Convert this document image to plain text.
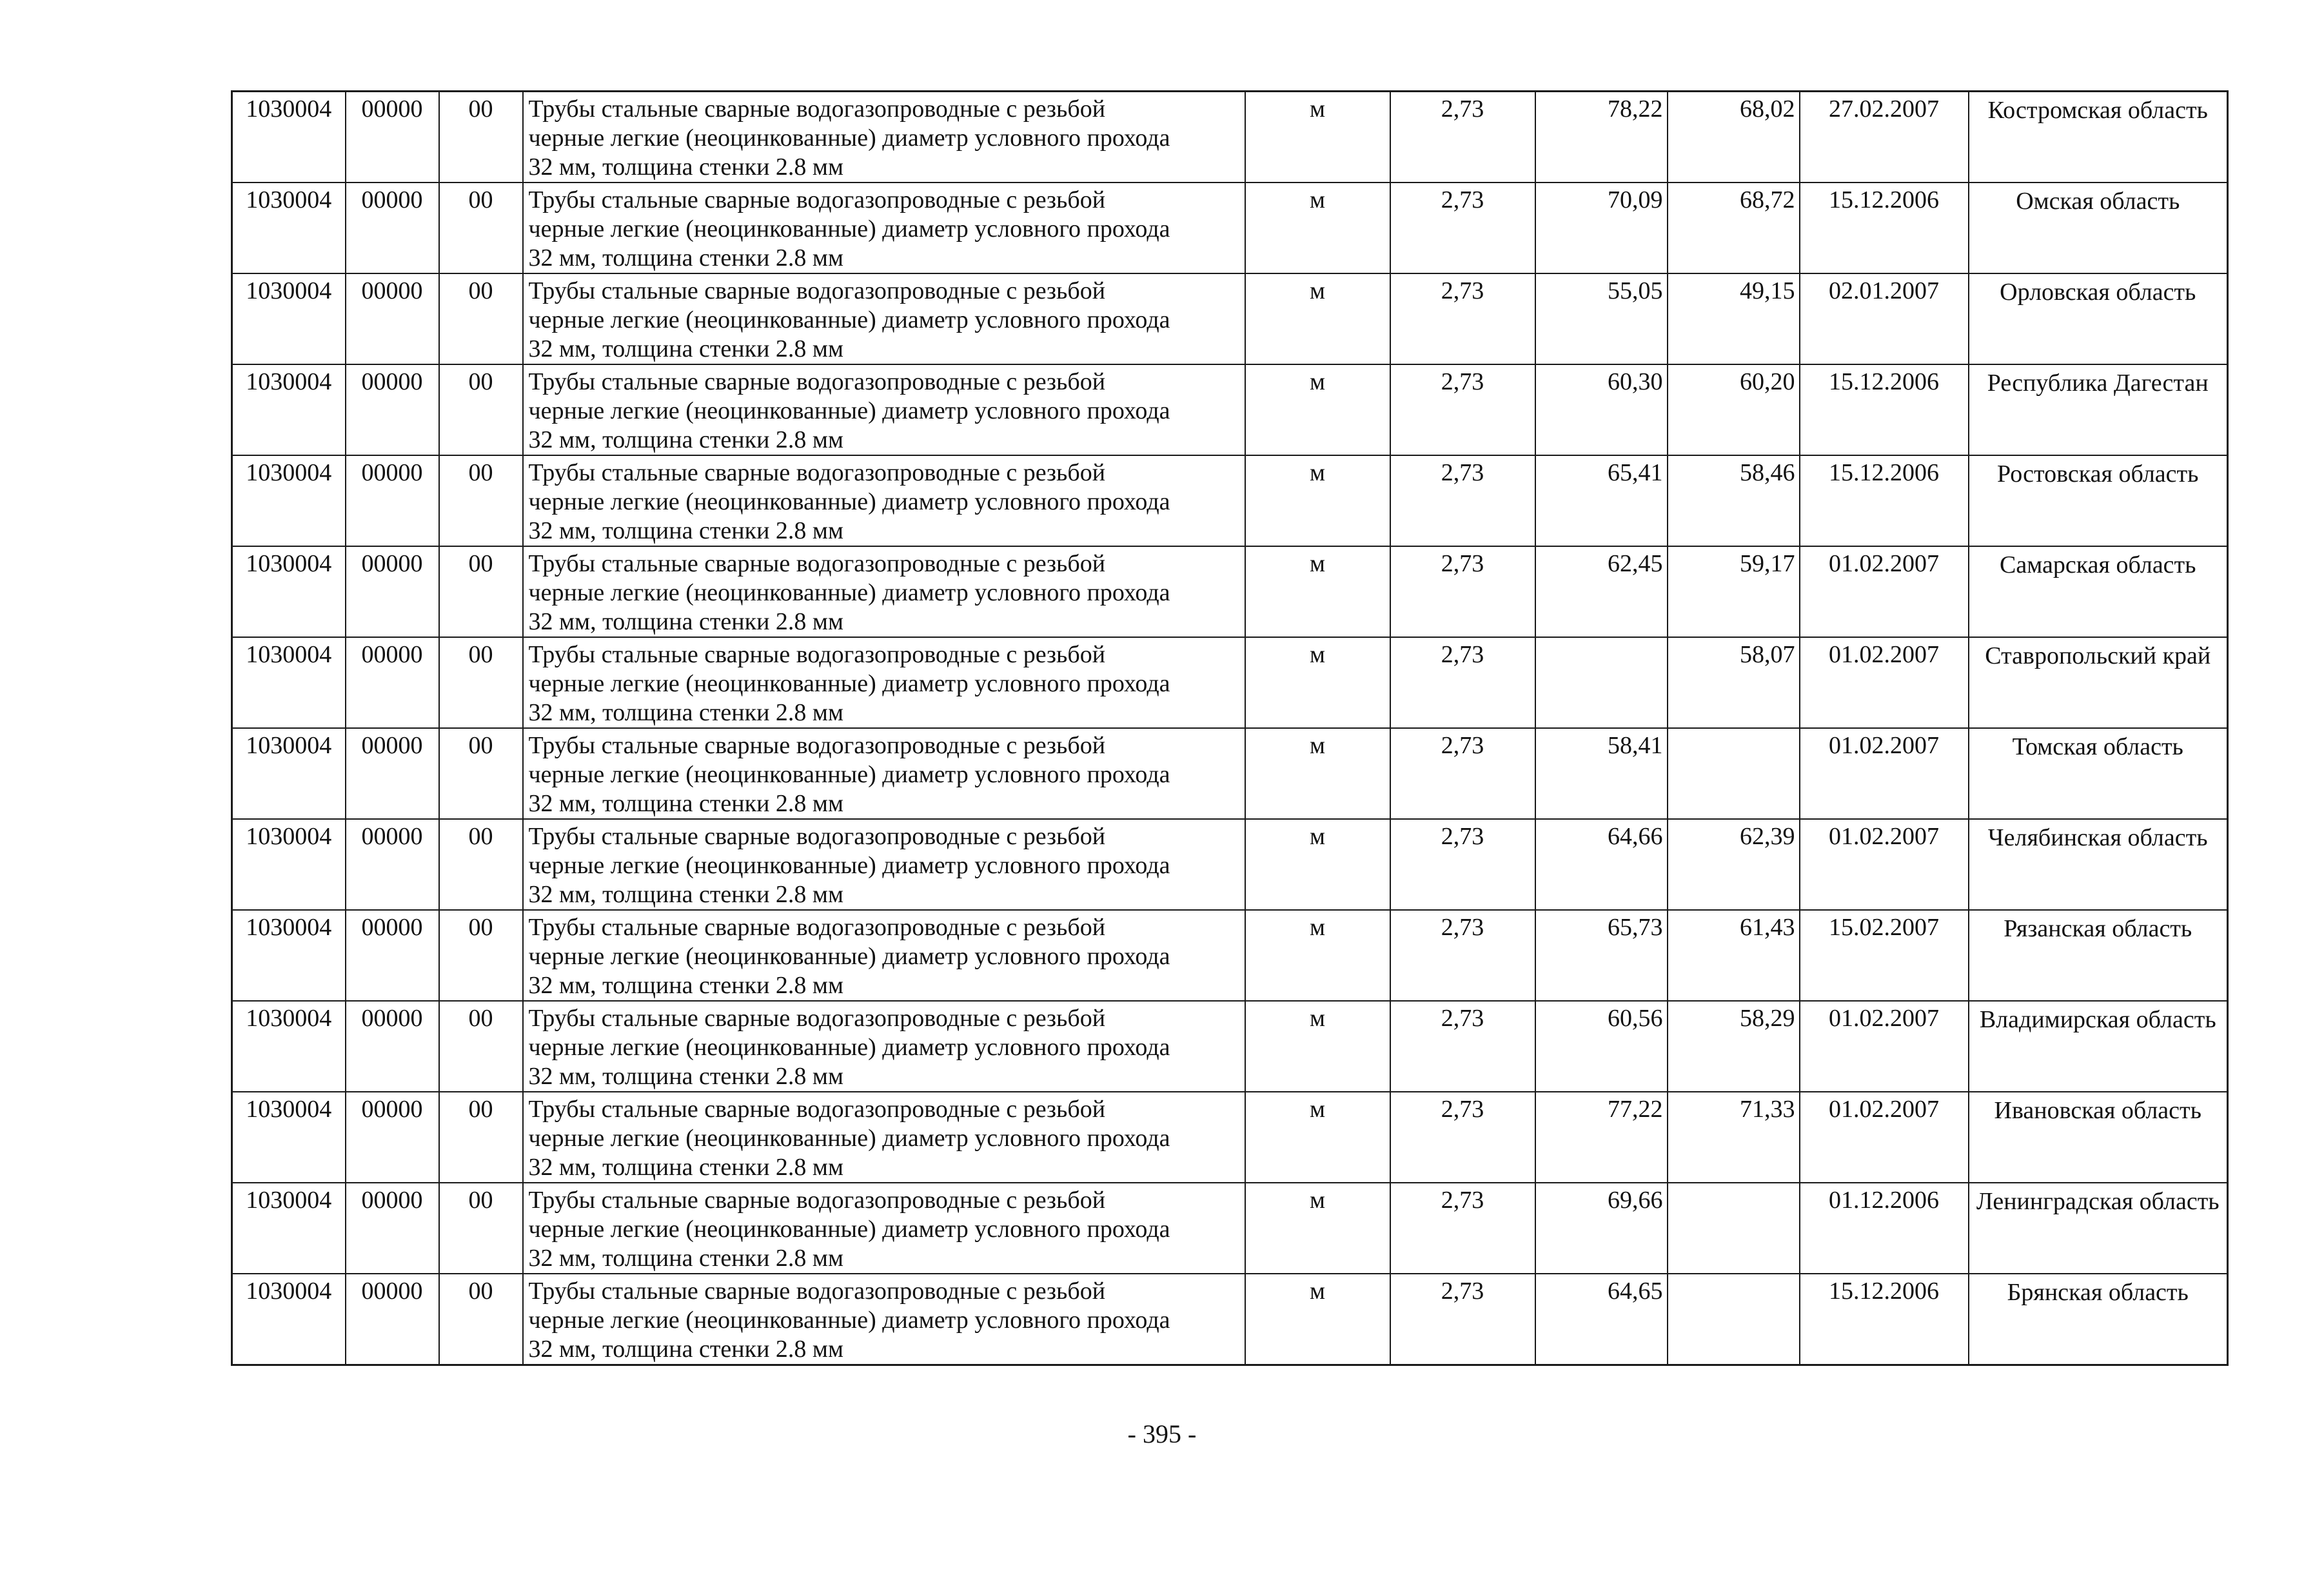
1030004	00000	00	Трубы стальные сварные водогазопроводные с резьбой
черные легкие (неоцинкованные) диаметр условного прохода
32 мм, толщина стенки 2.8 мм	м	2,73	78,22	68,02	27.02.2007	Костромская область
1030004	00000	00	Трубы стальные сварные водогазопроводные с резьбой
черные легкие (неоцинкованные) диаметр условного прохода
32 мм, толщина стенки 2.8 мм	м	2,73	70,09	68,72	15.12.2006	Омская область
1030004	00000	00	Трубы стальные сварные водогазопроводные с резьбой
черные легкие (неоцинкованные) диаметр условного прохода
32 мм, толщина стенки 2.8 мм	м	2,73	55,05	49,15	02.01.2007	Орловская область
1030004	00000	00	Трубы стальные сварные водогазопроводные с резьбой
черные легкие (неоцинкованные) диаметр условного прохода
32 мм, толщина стенки 2.8 мм	м	2,73	60,30	60,20	15.12.2006	Республика Дагестан
1030004	00000	00	Трубы стальные сварные водогазопроводные с резьбой
черные легкие (неоцинкованные) диаметр условного прохода
32 мм, толщина стенки 2.8 мм	м	2,73	65,41	58,46	15.12.2006	Ростовская область
1030004	00000	00	Трубы стальные сварные водогазопроводные с резьбой
черные легкие (неоцинкованные) диаметр условного прохода
32 мм, толщина стенки 2.8 мм	м	2,73	62,45	59,17	01.02.2007	Самарская область
1030004	00000	00	Трубы стальные сварные водогазопроводные с резьбой
черные легкие (неоцинкованные) диаметр условного прохода
32 мм, толщина стенки 2.8 мм	м	2,73		58,07	01.02.2007	Ставропольский край
1030004	00000	00	Трубы стальные сварные водогазопроводные с резьбой
черные легкие (неоцинкованные) диаметр условного прохода
32 мм, толщина стенки 2.8 мм	м	2,73	58,41		01.02.2007	Томская область
1030004	00000	00	Трубы стальные сварные водогазопроводные с резьбой
черные легкие (неоцинкованные) диаметр условного прохода
32 мм, толщина стенки 2.8 мм	м	2,73	64,66	62,39	01.02.2007	Челябинская область
1030004	00000	00	Трубы стальные сварные водогазопроводные с резьбой
черные легкие (неоцинкованные) диаметр условного прохода
32 мм, толщина стенки 2.8 мм	м	2,73	65,73	61,43	15.02.2007	Рязанская область
1030004	00000	00	Трубы стальные сварные водогазопроводные с резьбой
черные легкие (неоцинкованные) диаметр условного прохода
32 мм, толщина стенки 2.8 мм	м	2,73	60,56	58,29	01.02.2007	Владимирская область
1030004	00000	00	Трубы стальные сварные водогазопроводные с резьбой
черные легкие (неоцинкованные) диаметр условного прохода
32 мм, толщина стенки 2.8 мм	м	2,73	77,22	71,33	01.02.2007	Ивановская область
1030004	00000	00	Трубы стальные сварные водогазопроводные с резьбой
черные легкие (неоцинкованные) диаметр условного прохода
32 мм, толщина стенки 2.8 мм	м	2,73	69,66		01.12.2006	Ленинградская область
1030004	00000	00	Трубы стальные сварные водогазопроводные с резьбой
черные легкие (неоцинкованные) диаметр условного прохода
32 мм, толщина стенки 2.8 мм	м	2,73	64,65		15.12.2006	Брянская область
- 395 -
